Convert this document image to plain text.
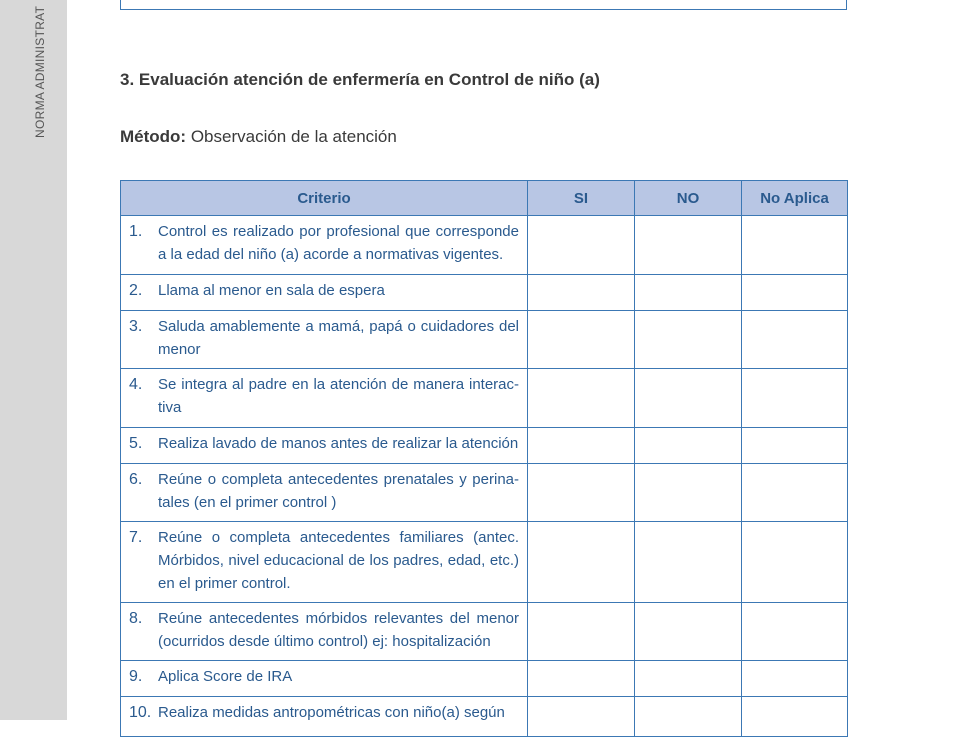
NORMA ADMINISTRAT	3. Evaluación atención de enfermería en Control de niño (a)
Método: Observación de la atención
Criterio	SI	NO	No Aplica

1. Control es realizado por profesional que corresponde a la edad del niño (a) acorde a normativas vigentes.			

2. Llama al menor en sala de espera			

3. Saluda amablemente a mamá, papá o cuidadores del menor			

4. Se integra al padre en la atención de manera interac-tiva			

5. Realiza lavado de manos antes de realizar la atención			

6. Reúne o completa antecedentes prenatales y perina-tales (en el primer control )			

7. Reúne o completa antecedentes familiares (antec. Mórbidos, nivel educacional de los padres, edad, etc.) en el primer control.			

8. Reúne antecedentes mórbidos relevantes del menor (ocurridos desde último control) ej: hospitalización			

9. Aplica Score de IRA			

10. Realiza medidas antropométricas con niño(a) según			
